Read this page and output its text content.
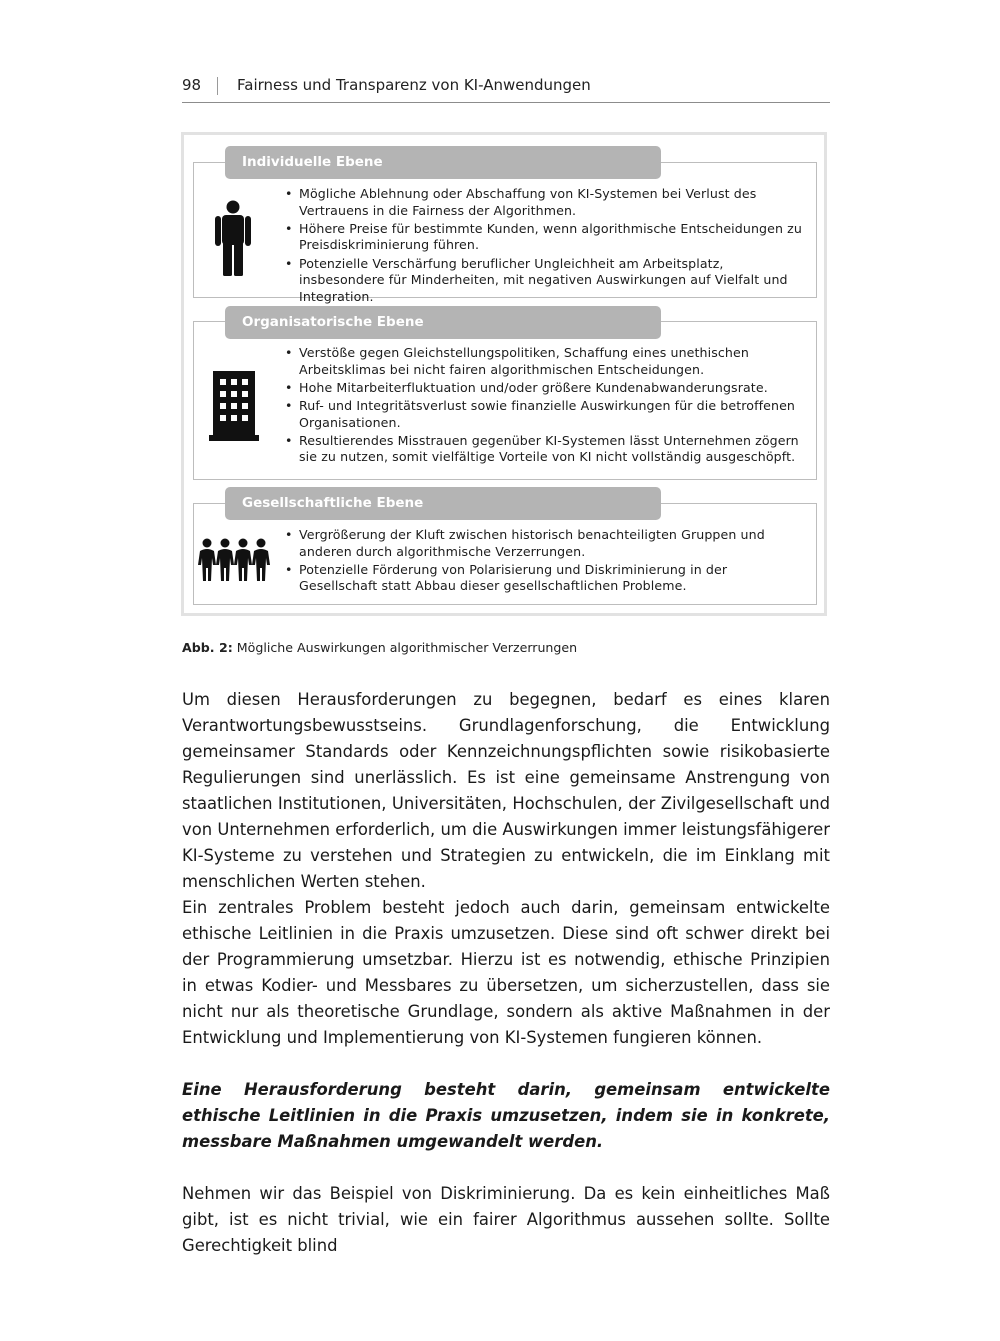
98 Fairness und Transparenz von KI-Anwendungen
Individuelle Ebene
• Mögliche Ablehnung oder Abschaffung von KI-Systemen bei Verlust des Vertrauens in die Fairness der Algorithmen.
• Höhere Preise für bestimmte Kunden, wenn algorithmische Entscheidungen zu Preisdiskriminierung führen.
• Potenzielle Verschärfung beruflicher Ungleichheit am Arbeitsplatz, insbesondere für Minderheiten, mit negativen Auswirkungen auf Vielfalt und Integration.
Organisatorische Ebene
• Verstöße gegen Gleichstellungspolitiken, Schaffung eines unethischen Arbeitsklimas bei nicht fairen algorithmischen Entscheidungen.
• Hohe Mitarbeiterfluktuation und/oder größere Kundenabwanderungsrate.
• Ruf- und Integritätsverlust sowie finanzielle Auswirkungen für die betroffenen Organisationen.
• Resultierendes Misstrauen gegenüber KI-Systemen lässt Unternehmen zögern sie zu nutzen, somit vielfältige Vorteile von KI nicht vollständig ausgeschöpft.
Gesellschaftliche Ebene
• Vergrößerung der Kluft zwischen historisch benachteiligten Gruppen und anderen durch algorithmische Verzerrungen.
• Potenzielle Förderung von Polarisierung und Diskriminierung in der Gesellschaft statt Abbau dieser gesellschaftlichen Probleme.
Abb. 2: Mögliche Auswirkungen algorithmischer Verzerrungen

Um diesen Herausforderungen zu begegnen, bedarf es eines klaren Verantwortungsbewusstseins. Grundlagenforschung, die Entwicklung gemeinsamer Standards oder Kennzeichnungspflichten sowie risikobasierte Regulierungen sind unerlässlich. Es ist eine gemeinsame Anstrengung von staatlichen Institutionen, Universitäten, Hochschulen, der Zivilgesellschaft und von Unternehmen erforderlich, um die Auswirkungen immer leistungsfähigerer KI-Systeme zu verstehen und Strategien zu entwickeln, die im Einklang mit menschlichen Werten stehen.

Ein zentrales Problem besteht jedoch auch darin, gemeinsam entwickelte ethische Leitlinien in die Praxis umzusetzen. Diese sind oft schwer direkt bei der Programmierung umsetzbar. Hierzu ist es notwendig, ethische Prinzipien in etwas Kodier- und Messbares zu übersetzen, um sicherzustellen, dass sie nicht nur als theoretische Grundlage, sondern als aktive Maßnahmen in der Entwicklung und Implementierung von KI-Systemen fungieren können.

Eine Herausforderung besteht darin, gemeinsam entwickelte ethische Leitlinien in die Praxis umzusetzen, indem sie in konkrete, messbare Maßnahmen umgewandelt werden.

Nehmen wir das Beispiel von Diskriminierung. Da es kein einheitliches Maß gibt, ist es nicht trivial, wie ein fairer Algorithmus aussehen sollte. Sollte Gerechtigkeit blind
